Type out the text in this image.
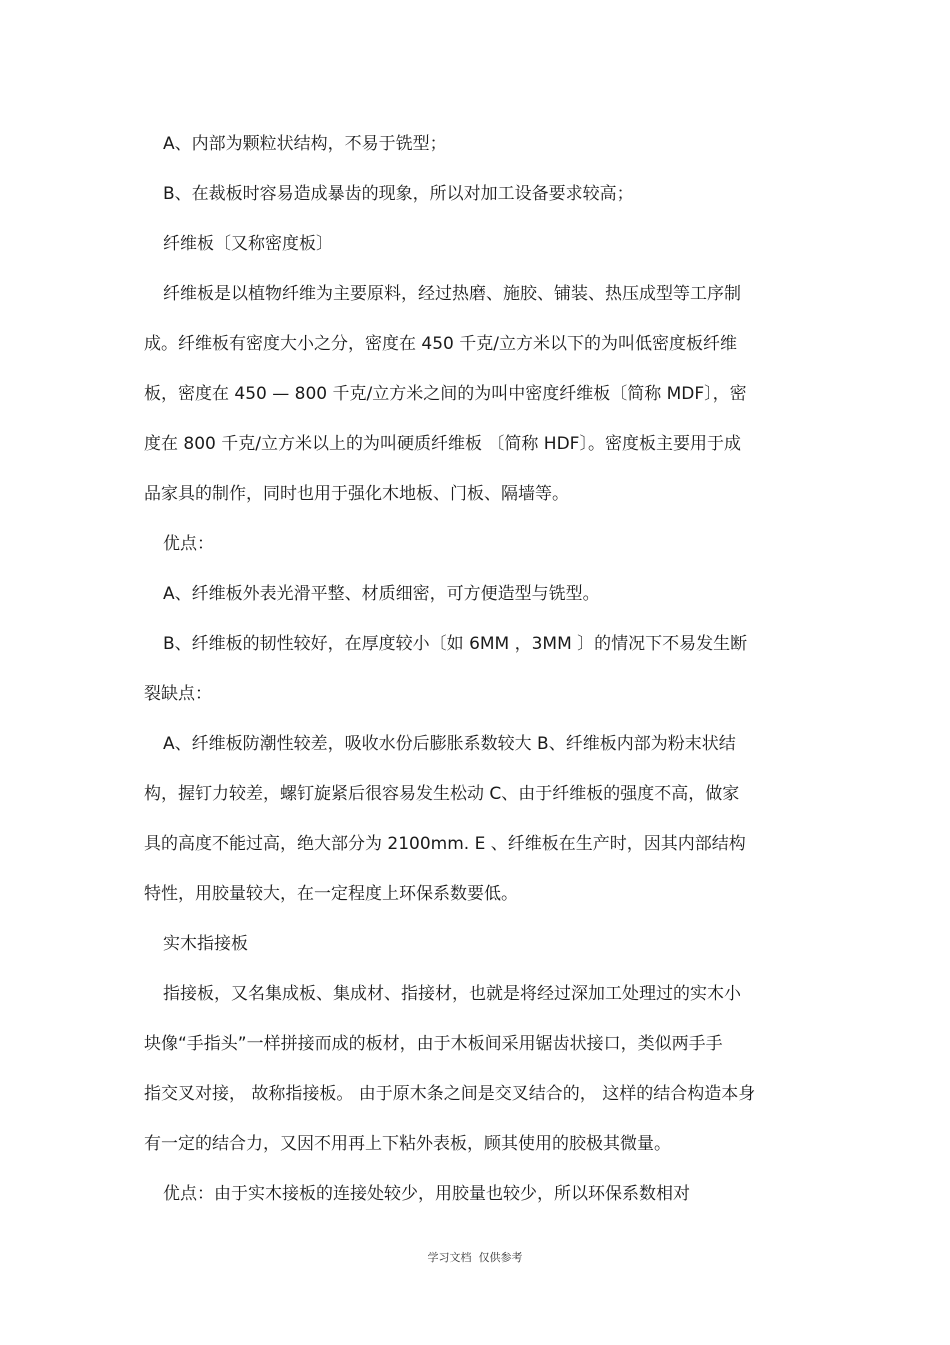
A、内部为颗粒状结构，不易于铣型；
B、在裁板时容易造成暴齿的现象，所以对加工设备要求较高；
纤维板〔又称密度板〕
纤维板是以植物纤维为主要原料，经过热磨、施胶、铺装、热压成型等工序制
成。纤维板有密度大小之分，密度在 450 千克/立方米以下的为叫低密度板纤维
板，密度在 450 — 800 千克/立方米之间的为叫中密度纤维板〔简称 MDF〕，密
度在 800 千克/立方米以上的为叫硬质纤维板 〔简称 HDF〕。密度板主要用于成
品家具的制作，同时也用于强化木地板、门板、隔墙等。
优点：
A、纤维板外表光滑平整、材质细密，可方便造型与铣型。
B、纤维板的韧性较好，在厚度较小〔如 6MM ，3MM 〕的情况下不易发生断
裂缺点：
A、纤维板防潮性较差，吸收水份后膨胀系数较大 B、纤维板内部为粉末状结
构，握钉力较差，螺钉旋紧后很容易发生松动 C、由于纤维板的强度不高，做家
具的高度不能过高，绝大部分为 2100mm. E 、纤维板在生产时，因其内部结构
特性，用胶量较大，在一定程度上环保系数要低。
实木指接板
指接板，又名集成板、集成材、指接材，也就是将经过深加工处理过的实木小
块像“手指头”一样拼接而成的板材，由于木板间采用锯齿状接口，类似两手手
指交叉对接， 故称指接板。 由于原木条之间是交叉结合的， 这样的结合构造本身
有一定的结合力，又因不用再上下粘外表板，顾其使用的胶极其微量。
优点：由于实木接板的连接处较少，用胶量也较少，所以环保系数相对
学习文档  仅供参考
